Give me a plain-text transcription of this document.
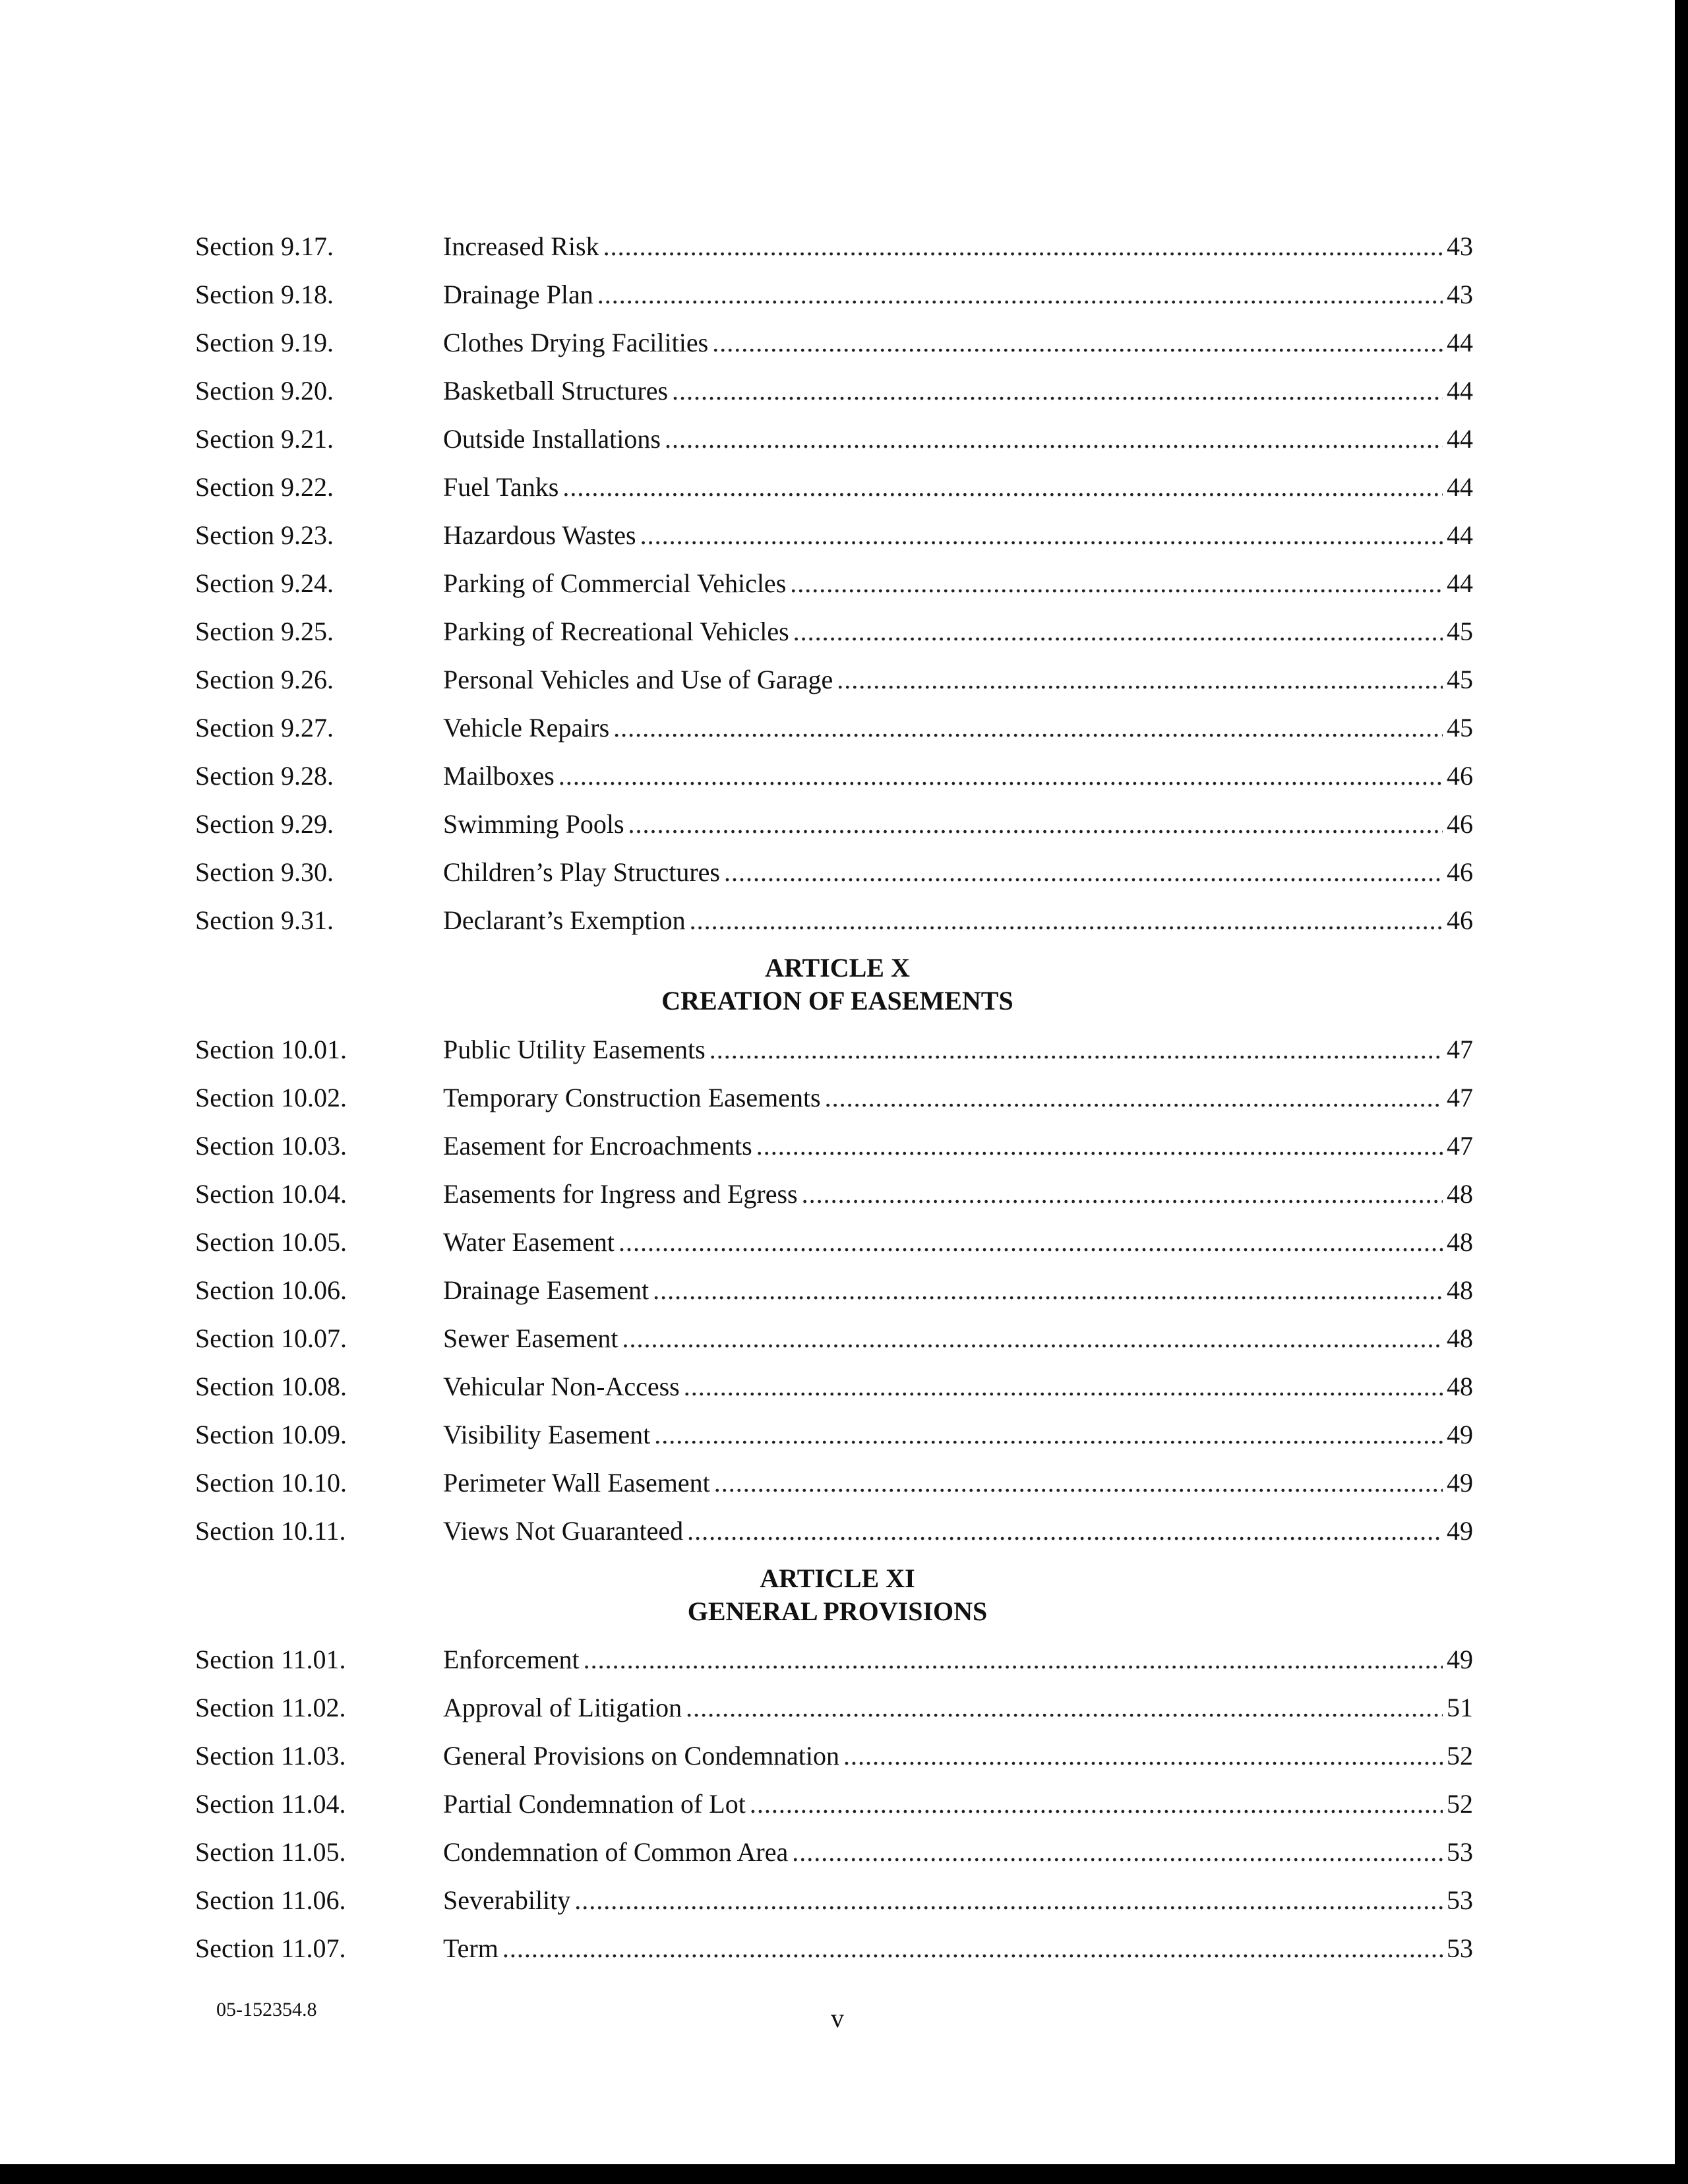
Section 9.17.	Increased Risk .....	43
Section 9.18.	Drainage Plan .....	43
Section 9.19.	Clothes Drying Facilities .....	44
Section 9.20.	Basketball Structures .....	44
Section 9.21.	Outside Installations .....	44
Section 9.22.	Fuel Tanks .....	44
Section 9.23.	Hazardous Wastes .....	44
Section 9.24.	Parking of Commercial Vehicles .....	44
Section 9.25.	Parking of Recreational Vehicles .....	45
Section 9.26.	Personal Vehicles and Use of Garage .....	45
Section 9.27.	Vehicle Repairs .....	45
Section 9.28.	Mailboxes .....	46
Section 9.29.	Swimming Pools .....	46
Section 9.30.	Children’s Play Structures .....	46
Section 9.31.	Declarant’s Exemption .....	46
ARTICLE X
CREATION OF EASEMENTS
Section 10.01.	Public Utility Easements .....	47
Section 10.02.	Temporary Construction Easements .....	47
Section 10.03.	Easement for Encroachments .....	47
Section 10.04.	Easements for Ingress and Egress .....	48
Section 10.05.	Water Easement .....	48
Section 10.06.	Drainage Easement .....	48
Section 10.07.	Sewer Easement .....	48
Section 10.08.	Vehicular Non-Access .....	48
Section 10.09.	Visibility Easement .....	49
Section 10.10.	Perimeter Wall Easement .....	49
Section 10.11.	Views Not Guaranteed .....	49
ARTICLE XI
GENERAL PROVISIONS
Section 11.01.	Enforcement .....	49
Section 11.02.	Approval of Litigation .....	51
Section 11.03.	General Provisions on Condemnation .....	52
Section 11.04.	Partial Condemnation of Lot .....	52
Section 11.05.	Condemnation of Common Area .....	53
Section 11.06.	Severability .....	53
Section 11.07.	Term .....	53
05-152354.8	v
